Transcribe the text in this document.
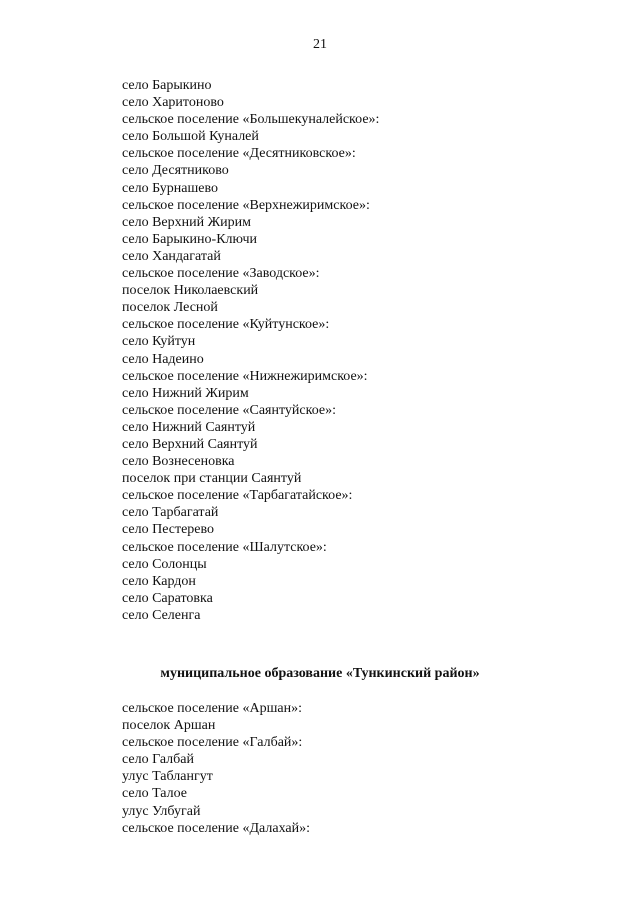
21
село Барыкино
село Харитоново
сельское поселение «Большекуналейское»:
село Большой Куналей
сельское поселение «Десятниковское»:
село Десятниково
село Бурнашево
сельское поселение «Верхнежиримское»:
село Верхний Жирим
село Барыкино-Ключи
село Хандагатай
сельское поселение «Заводское»:
поселок Николаевский
поселок Лесной
сельское поселение «Куйтунское»:
село Куйтун
село Надеино
сельское поселение «Нижнежиримское»:
село Нижний Жирим
сельское поселение «Саянтуйское»:
село Нижний Саянтуй
село Верхний Саянтуй
село Вознесеновка
поселок при станции Саянтуй
сельское поселение «Тарбагатайское»:
село Тарбагатай
село Пестерево
сельское поселение «Шалутское»:
село Солонцы
село Кардон
село Саратовка
село Селенга
муниципальное образование «Тункинский район»
сельское поселение «Аршан»:
поселок Аршан
сельское поселение «Галбай»:
село Галбай
улус Таблангут
село Талое
улус Улбугай
сельское поселение «Далахай»:
